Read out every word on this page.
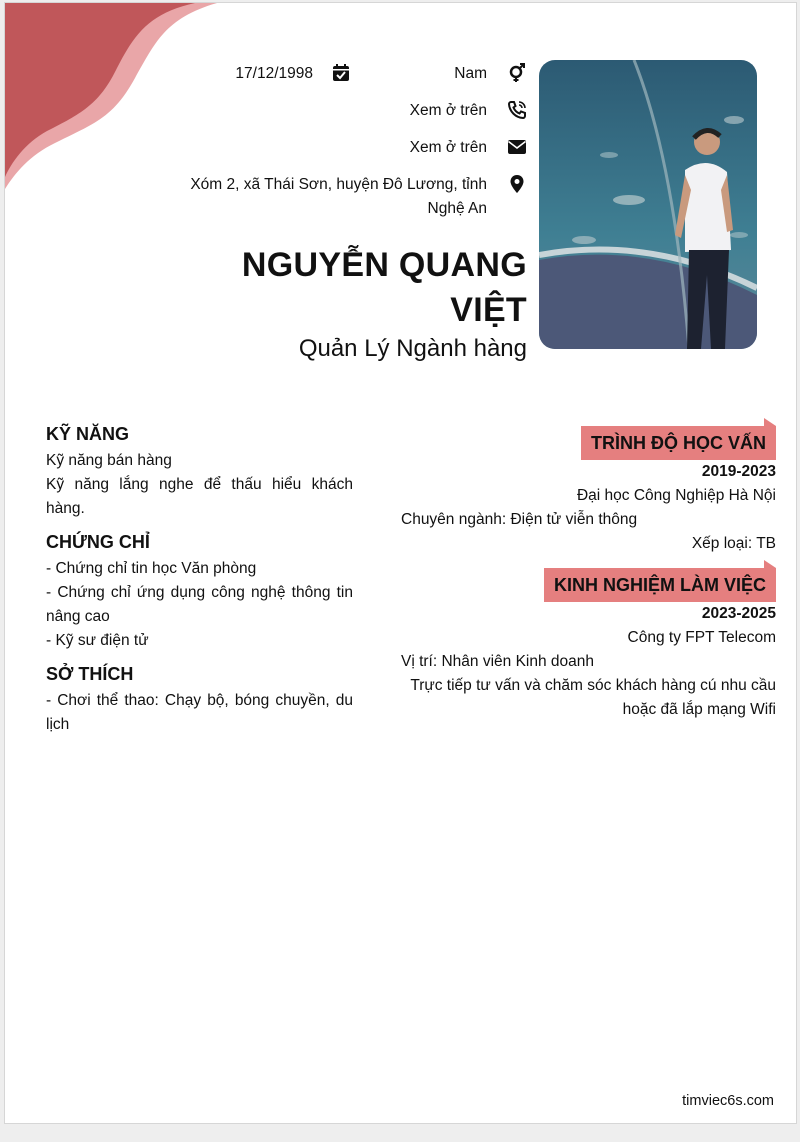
17/12/1998	Nam
Xem ở trên
Xem ở trên
Xóm 2, xã Thái Sơn, huyện Đô Lương, tỉnh Nghệ An
NGUYỄN QUANG VIỆT
Quản Lý Ngành hàng
KỸ NĂNG
Kỹ năng bán hàng
Kỹ năng lắng nghe để thấu hiểu khách hàng.
CHỨNG CHỈ
- Chứng chỉ tin học Văn phòng
- Chứng chỉ ứng dụng công nghệ thông tin nâng cao
- Kỹ sư điện tử
SỞ THÍCH
- Chơi thể thao: Chạy bộ, bóng chuyền, du lịch
TRÌNH ĐỘ HỌC VẤN
2019-2023
Đại học Công Nghiệp Hà Nội
Chuyên ngành: Điện tử viễn thông
Xếp loại: TB
KINH NGHIỆM LÀM VIỆC
2023-2025
Công ty FPT Telecom
Vị trí: Nhân viên Kinh doanh
Trực tiếp tư vấn và chăm sóc khách hàng cú nhu cầu hoặc đã lắp mạng Wifi
timviec6s.com
